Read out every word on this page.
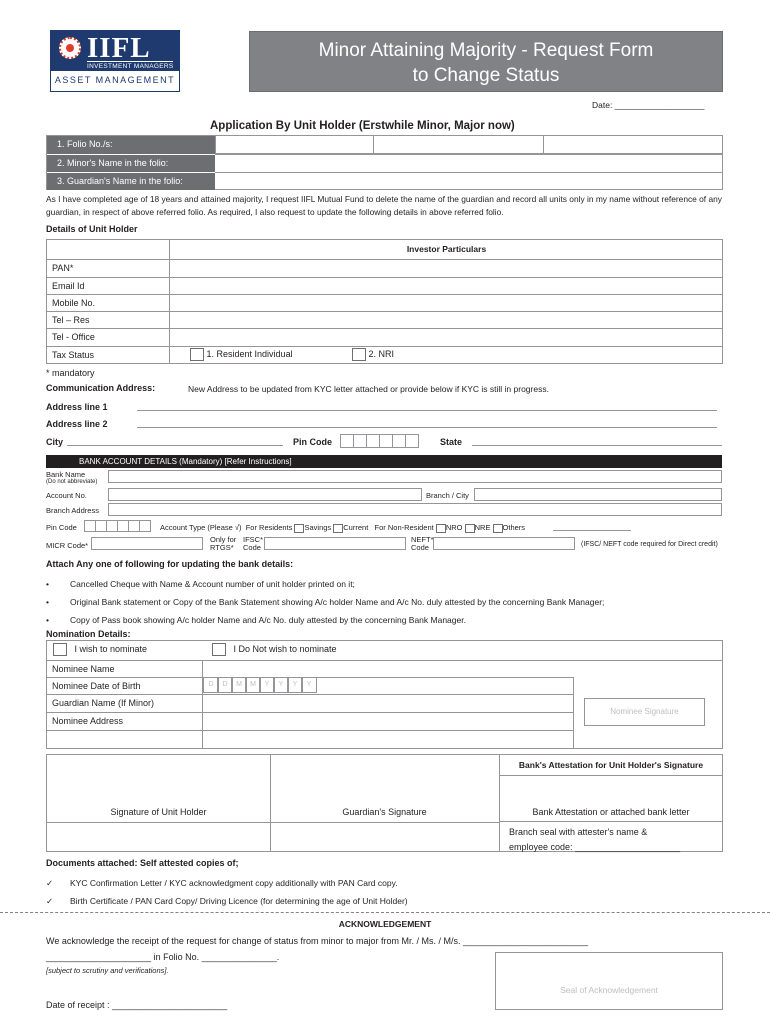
IIFL
INVESTMENT MANAGERS
ASSET MANAGEMENT
Minor Attaining Majority - Request Form
to Change Status
Date: ___________________
Application By Unit Holder (Erstwhile Minor, Major now)
1. Folio No./s:
2. Minor's Name in the folio:
3. Guardian's Name in the folio:
As I have completed age of 18 years and attained majority, I request IIFL Mutual Fund to delete the name of the guardian and record all units only in my name without reference of any guardian, in respect of above referred folio. As required, I also request to update the following details in above referred folio.
Details of Unit Holder
Investor Particulars
PAN*
Email Id
Mobile No.
Tel – Res
Tel - Office
Tax Status	1. Resident Individual	2. NRI
* mandatory
Communication Address:	New Address to be updated from KYC letter attached or provide below if KYC is still in progress.
Address line 1
Address line 2
City	Pin Code	State
BANK ACCOUNT DETAILS (Mandatory) [Refer Instructions]
Bank Name
(Do not abbreviate)
Account No.	Branch / City
Branch Address
Pin Code	Account Type (Please √) For Residents Savings Current For Non-Resident NRO NRE Others
MICR Code*
Only for
RTGS*
IFSC*
Code
NEFT*
Code	(IFSC/ NEFT code required for Direct credit)
Attach Any one of following for updating the bank details:
• Cancelled Cheque with Name & Account number of unit holder printed on it;
• Original Bank statement or Copy of the Bank Statement showing A/c holder Name and A/c No. duly attested by the concerning Bank Manager;
• Copy of Pass book showing A/c holder Name and A/c No. duly attested by the concerning Bank Manager.
Nomination Details:
I wish to nominate	I Do Not wish to nominate
Nominee Name
Nominee Date of Birth	D D M M Y Y Y Y
Guardian Name (If Minor)
Nominee Address
Nominee Signature
Bank's Attestation for Unit Holder's Signature
Signature of Unit Holder	Guardian's Signature	Bank Attestation or attached bank letter
Branch seal with attester's name &
employee code: _____________________
Documents attached: Self attested copies of;
✓ KYC Confirmation Letter / KYC acknowledgment copy additionally with PAN Card copy.
✓ Birth Certificate / PAN Card Copy/ Driving Licence (for determining the age of Unit Holder)
ACKNOWLEDGEMENT
We acknowledge the receipt of the request for change of status from minor to major from Mr. / Ms. / M/s. _________________________
_____________________ in Folio No. _______________.
[subject to scrutiny and verifications].
Date of receipt : _______________________
Seal of Acknowledgement
